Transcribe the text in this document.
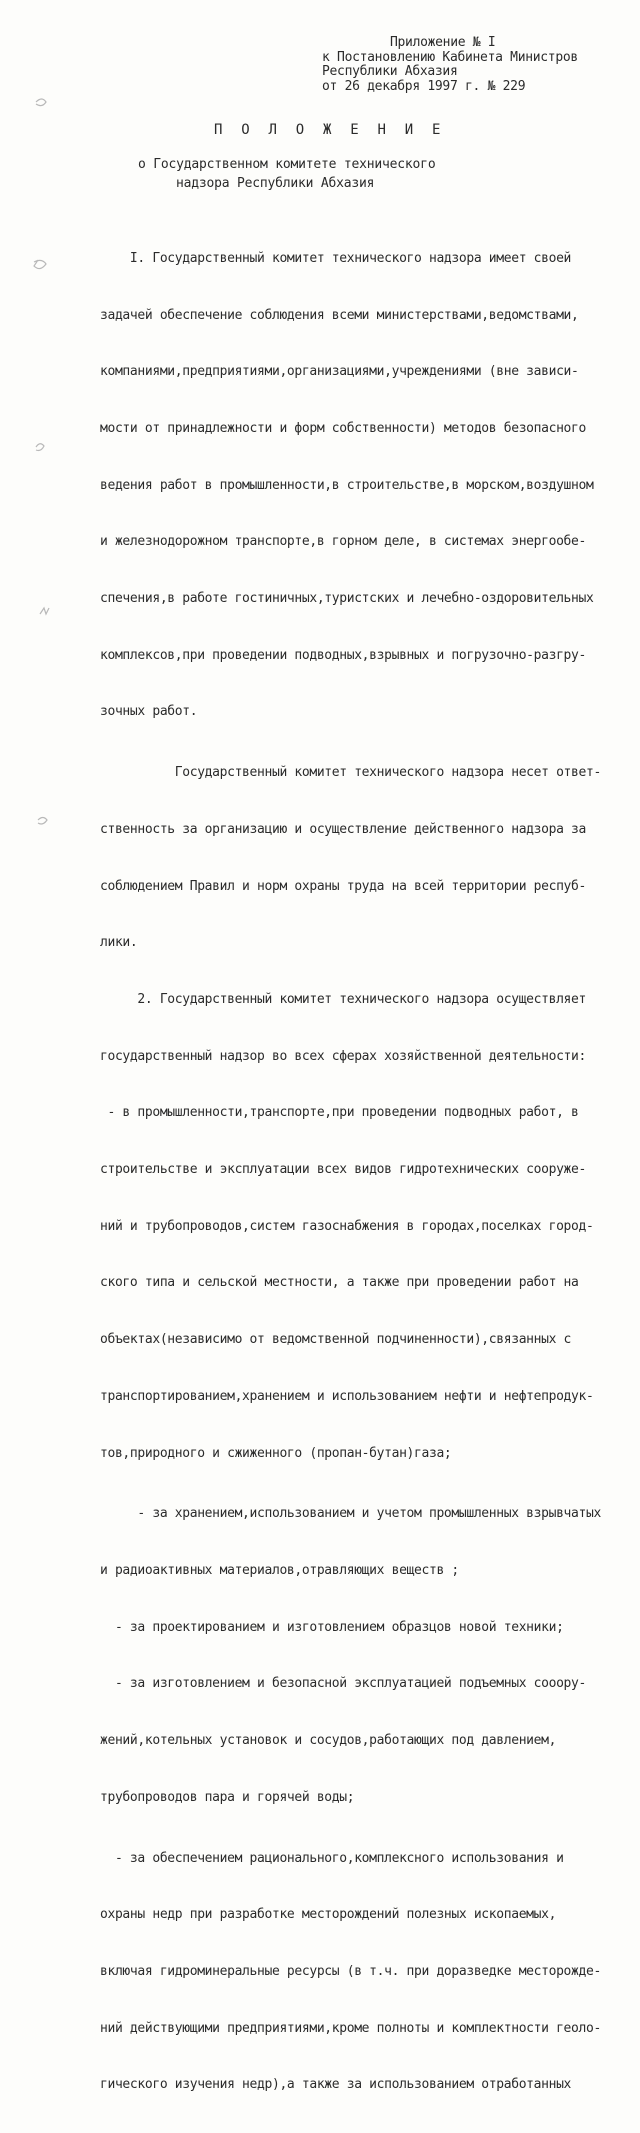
Приложение № I
к Постановлению Кабинета Министров
Республики Абхазия
от 26 декабря 1997 г. № 229
П О Л О Ж Е Н И Е
о Государственном комитете технического
надзора Республики Абхазия

I. Государственный комитет технического надзора имеет своей

задачей обеспечение соблюдения всеми министерствами,ведомствами,

компаниями,предприятиями,организациями,учреждениями (вне зависи-

мости от принадлежности и форм собственности) методов безопасного

ведения работ в промышленности,в строительстве,в морском,воздушном

и железнодорожном транспорте,в горном деле, в системах энергообе-

спечения,в работе гостиничных,туристских и лечебно-оздоровительных

комплексов,при проведении подводных,взрывных и погрузочно-разгру-

зочных работ.

Государственный комитет технического надзора несет ответ-

ственность за организацию и осуществление действенного надзора за

соблюдением Правил и норм охраны труда на всей территории респуб-

лики.

2. Государственный комитет технического надзора осуществляет

государственный надзор во всех сферах хозяйственной деятельности:

- в промышленности,транспорте,при проведении подводных работ, в

строительстве и эксплуатации всех видов гидротехнических сооруже-

ний и трубопроводов,систем газоснабжения в городах,поселках город-

ского типа и сельской местности, а также при проведении работ на

объектах(независимо от ведомственной подчиненности),связанных с

транспортированием,хранением и использованием нефти и нефтепродук-

тов,природного и сжиженного (пропан-бутан)газа;

- за хранением,использованием и учетом промышленных взрывчатых

и радиоактивных материалов,отравляющих веществ ;

- за проектированием и изготовлением образцов новой техники;

- за изготовлением и безопасной эксплуатацией подъемных сооору-

жений,котельных установок и сосудов,работающих под давлением,

трубопроводов пара и горячей воды;

- за обеспечением рационального,комплексного использования и

охраны недр при разработке месторождений полезных ископаемых,

включая гидроминеральные ресурсы (в т.ч. при доразведке месторожде-

ний действующими предприятиями,кроме полноты и комплектности геоло-

гического изучения недр),а также за использованием отработанных
